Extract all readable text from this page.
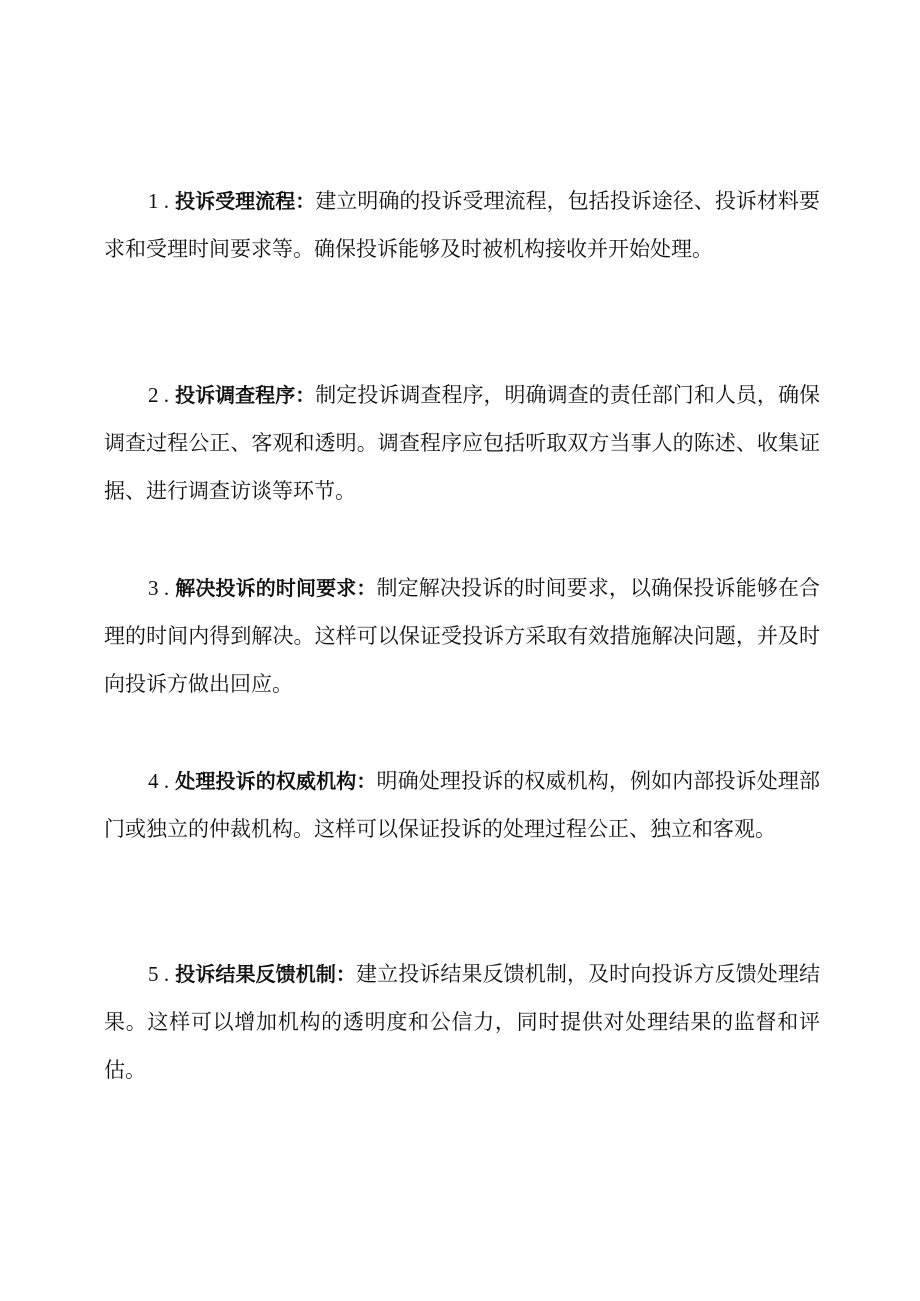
1 . 投诉受理流程：建立明确的投诉受理流程，包括投诉途径、投诉材料要求和受理时间要求等。确保投诉能够及时被机构接收并开始处理。
2 . 投诉调查程序：制定投诉调查程序，明确调查的责任部门和人员，确保调查过程公正、客观和透明。调查程序应包括听取双方当事人的陈述、收集证据、进行调查访谈等环节。
3 . 解决投诉的时间要求：制定解决投诉的时间要求，以确保投诉能够在合理的时间内得到解决。这样可以保证受投诉方采取有效措施解决问题，并及时向投诉方做出回应。
4 . 处理投诉的权威机构：明确处理投诉的权威机构，例如内部投诉处理部门或独立的仲裁机构。这样可以保证投诉的处理过程公正、独立和客观。
5 . 投诉结果反馈机制：建立投诉结果反馈机制，及时向投诉方反馈处理结果。这样可以增加机构的透明度和公信力，同时提供对处理结果的监督和评估。
